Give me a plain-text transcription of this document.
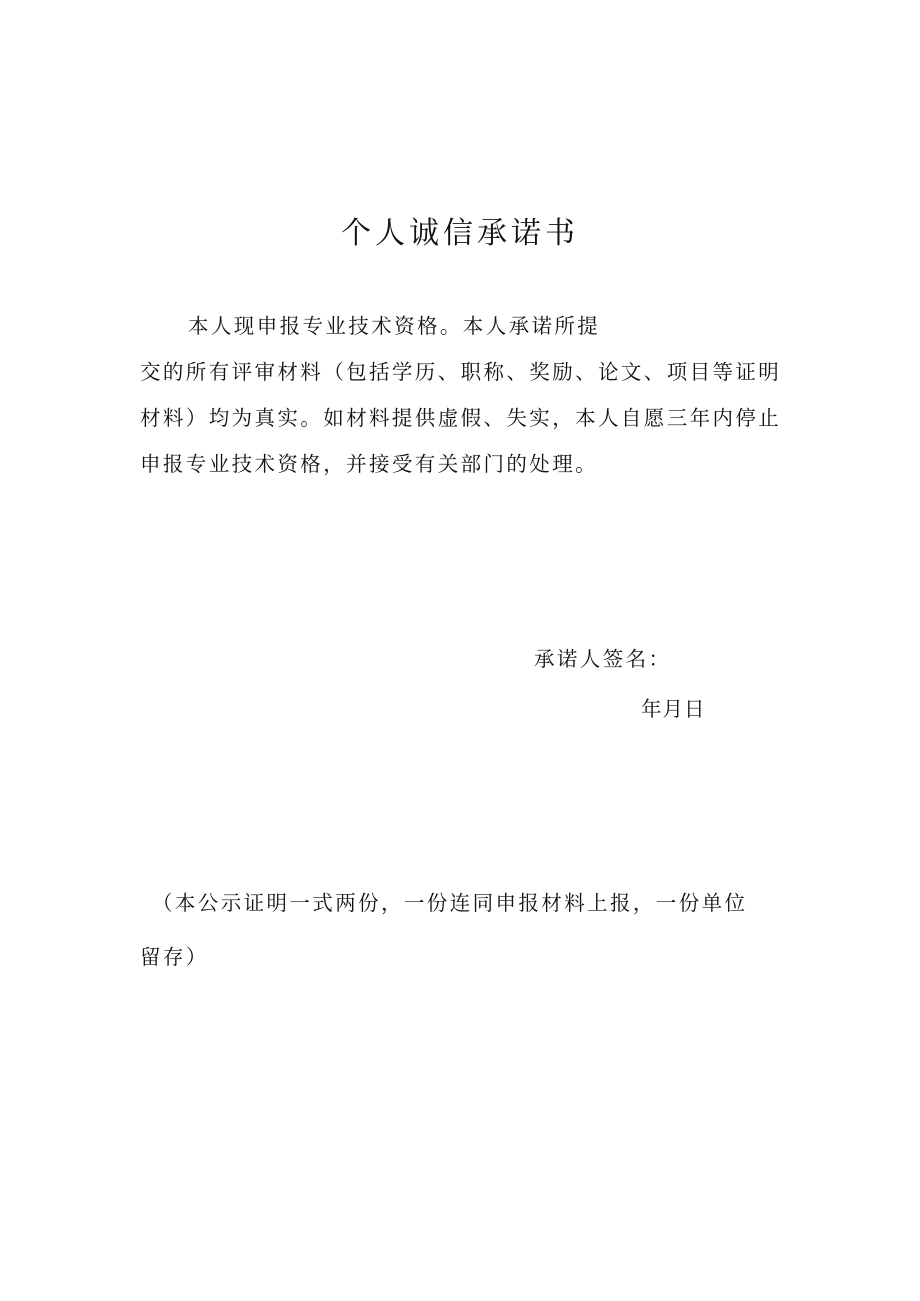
个人诚信承诺书
本人现申报专业技术资格。本人承诺所提
交的所有评审材料（包括学历、职称、奖励、论文、项目等证明
材料）均为真实。如材料提供虚假、失实，本人自愿三年内停止
申报专业技术资格，并接受有关部门的处理。
承诺人签名：
年月日
（本公示证明一式两份，一份连同申报材料上报，一份单位
留存）
